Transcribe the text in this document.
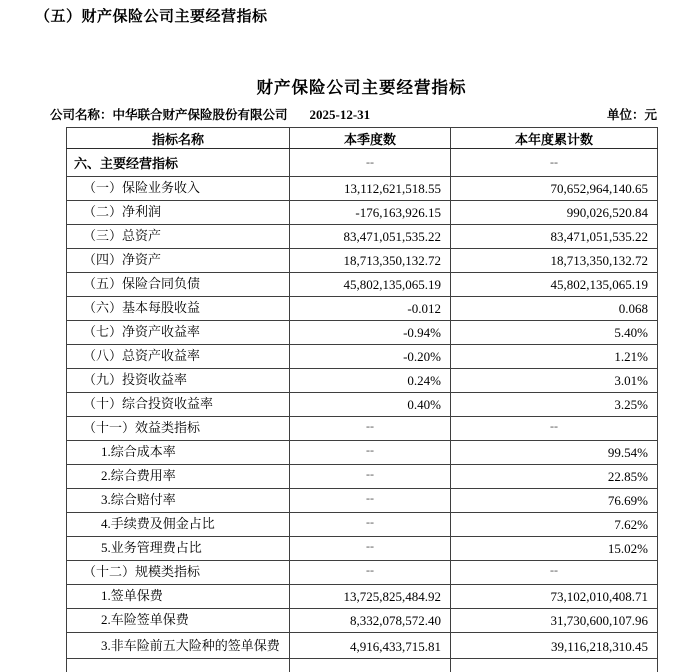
（五）财产保险公司主要经营指标
财产保险公司主要经营指标
公司名称：中华联合财产保险股份有限公司 2025-12-31	单位：元
指标名称	本季度数	本年度累计数
六、主要经营指标	--	--
（一）保险业务收入	13,112,621,518.55	70,652,964,140.65
（二）净利润	-176,163,926.15	990,026,520.84
（三）总资产	83,471,051,535.22	83,471,051,535.22
（四）净资产	18,713,350,132.72	18,713,350,132.72
（五）保险合同负债	45,802,135,065.19	45,802,135,065.19
（六）基本每股收益	-0.012	0.068
（七）净资产收益率	-0.94%	5.40%
（八）总资产收益率	-0.20%	1.21%
（九）投资收益率	0.24%	3.01%
（十）综合投资收益率	0.40%	3.25%
（十一）效益类指标	--	--
1.综合成本率	--	99.54%
2.综合费用率	--	22.85%
3.综合赔付率	--	76.69%
4.手续费及佣金占比	--	7.62%
5.业务管理费占比	--	15.02%
（十二）规模类指标	--	--
1.签单保费	13,725,825,484.92	73,102,010,408.71
2.车险签单保费	8,332,078,572.40	31,730,600,107.96
3.非车险前五大险种的签单保费	4,916,433,715.81	39,116,218,310.45
